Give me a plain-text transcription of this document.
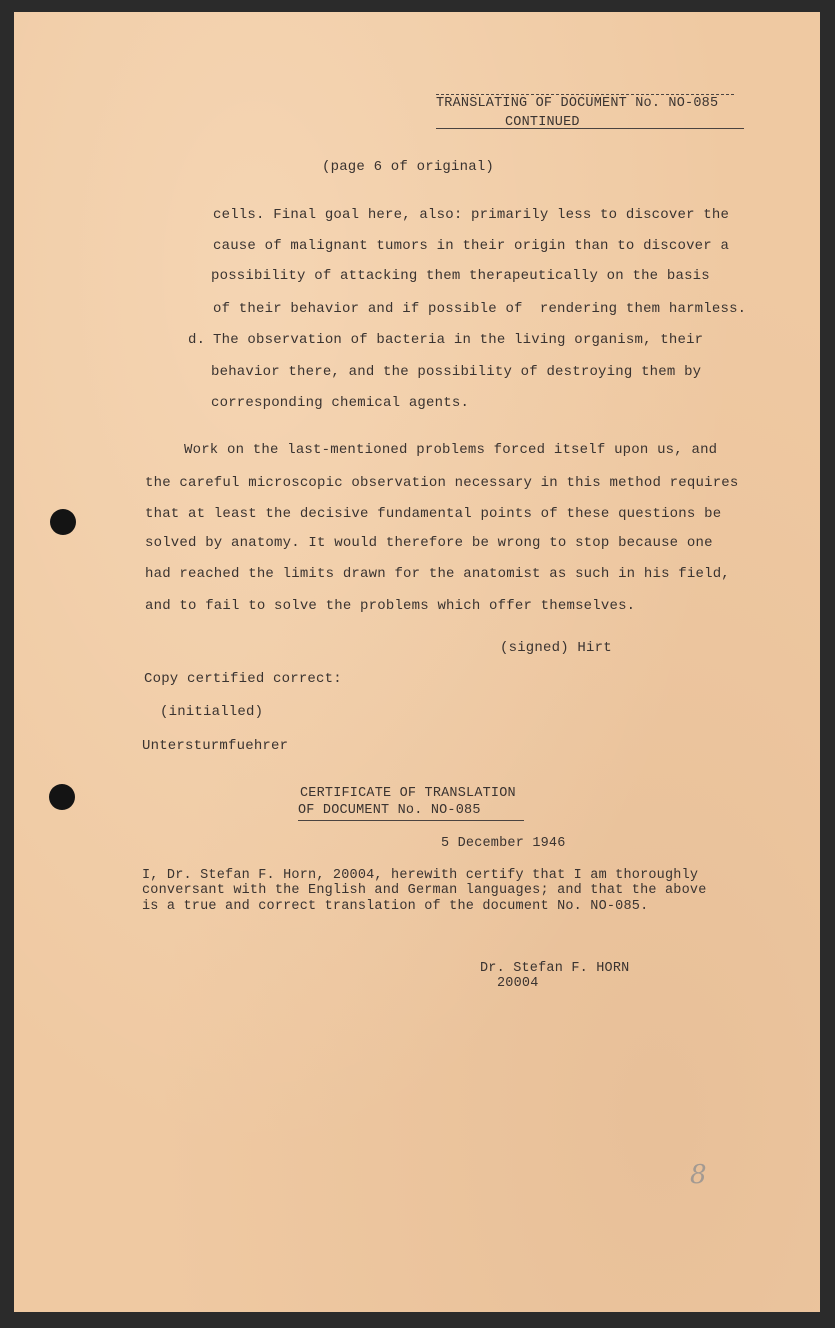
TRANSLATING OF DOCUMENT No. NO-085
CONTINUED
(page 6 of original)
cells. Final goal here, also: primarily less to discover the
cause of malignant tumors in their origin than to discover a
possibility of attacking them therapeutically on the basis
of their behavior and if possible of  rendering them harmless.
d. The observation of bacteria in the living organism, their
behavior there, and the possibility of destroying them by
corresponding chemical agents.
Work on the last-mentioned problems forced itself upon us, and
the careful microscopic observation necessary in this method requires
that at least the decisive fundamental points of these questions be
solved by anatomy. It would therefore be wrong to stop because one
had reached the limits drawn for the anatomist as such in his field,
and to fail to solve the problems which offer themselves.
(signed) Hirt
Copy certified correct:
(initialled)
Untersturmfuehrer
CERTIFICATE OF TRANSLATION
OF DOCUMENT No. NO-085
5 December 1946
I, Dr. Stefan F. Horn, 20004, herewith certify that I am thoroughly
conversant with the English and German languages; and that the above
is a true and correct translation of the document No. NO-085.
Dr. Stefan F. HORN
20004
8
